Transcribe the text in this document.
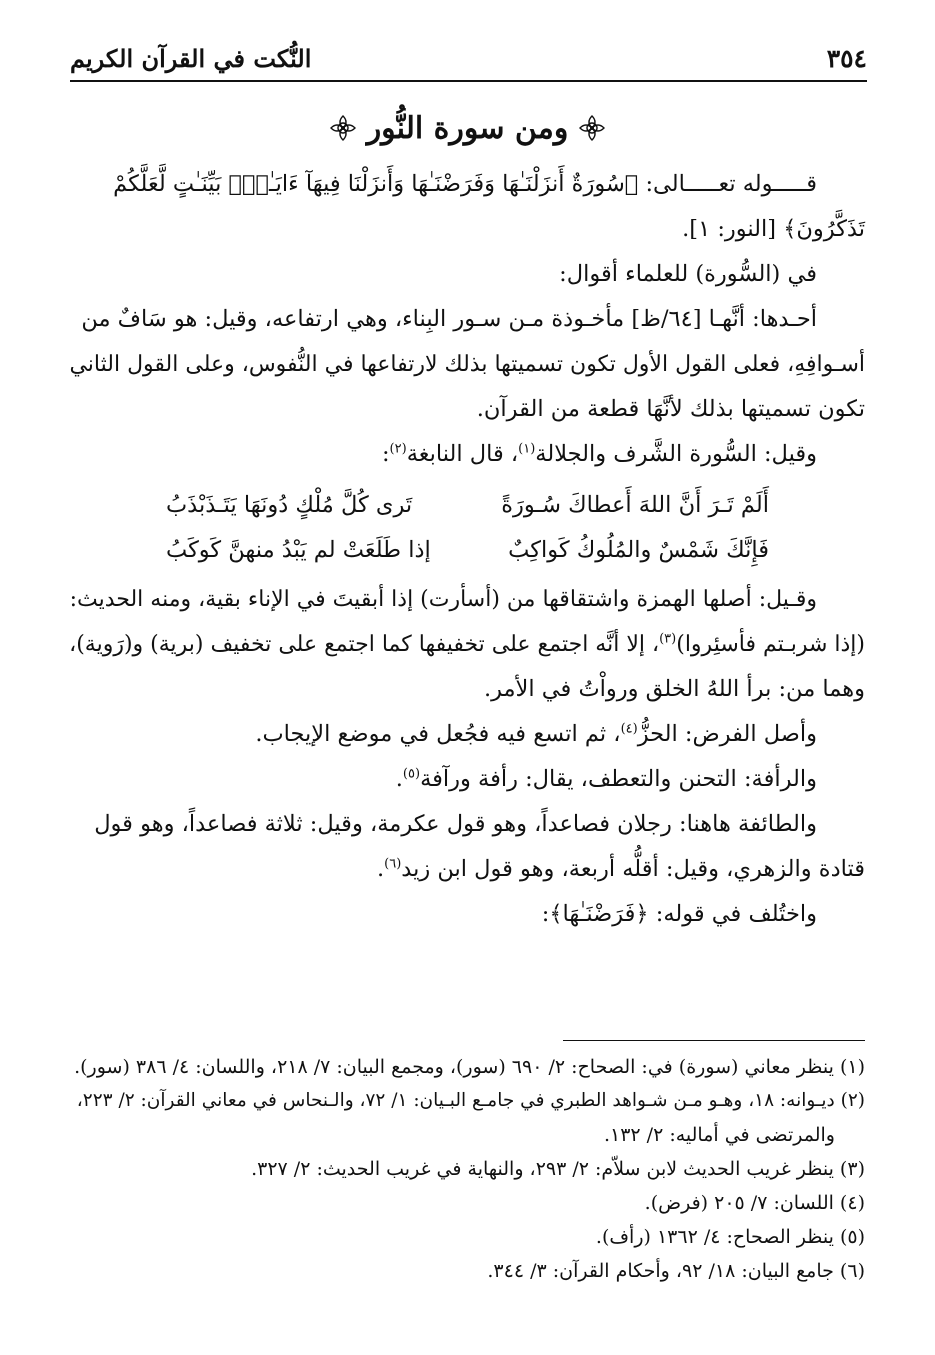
٣٥٤
النُّكت في القرآن الكريم
ومن سورة النُّور

قـــــوله تعـــــالى: ﴿سُورَةٌ أَنزَلْنَـٰهَا وَفَرَضْنَـٰهَا وَأَنزَلْنَا فِيهَآ ءَايَـٰتٍۭ بَيِّنَـٰتٍ لَّعَلَّكُمْ
تَذَكَّرُونَ﴾ [النور: ١].

في (السُّورة) للعلماء أقوال:

أحـدها: أنَّهـا [٦٤/ظ] مأخـوذة مـن سـور البِناء، وهي ارتفاعه، وقيل: هو سَافٌ من
أسـوافِهِ، فعلى القول الأول تكون تسميتها بذلك لارتفاعها في النُّفوس، وعلى القول الثاني
تكون تسميتها بذلك لأنَّهَا قطعة من القرآن.

وقيل: السُّورة الشَّرف والجلالة$^{(١)}$، قال النابغة$^{(٢)}$:

أَلَمْ تَـرَ أَنَّ اللهَ أَعطاكَ سُـورَةً
تَرى كُلَّ مُلْكٍ دُونَهَا يَتَـذَبْذَبُ
فَإِنَّكَ شَمْسٌ والمُلُوكُ كَواكِبٌ
إذا طَلَعَتْ لم يَبْدُ منهنَّ كَوكَبُ

وقـيل: أصلها الهمزة واشتقاقها من (أسأرت) إذا أبقيتَ في الإناء بقية، ومنه الحديث:
(إذا شربـتم فأسئِروا)$^{(٣)}$، إلا أنَّه اجتمع على تخفيفها كما اجتمع على تخفيف (برية) و(رَوية)،
وهما من: برأ اللهُ الخلق ورواْتُ في الأمر.

وأصل الفرض: الحزُّ$^{(٤)}$، ثم اتسع فيه فجُعل في موضع الإيجاب.

والرأفة: التحنن والتعطف، يقال: رأفة ورآفة$^{(٥)}$.

والطائفة هاهنا: رجلان فصاعداً، وهو قول عكرمة، وقيل: ثلاثة فصاعداً، وهو قول
قتادة والزهري، وقيل: أقلُّه أربعة، وهو قول ابن زيد$^{(٦)}$.

واختُلف في قوله: ﴿فَرَضْنَـٰهَا﴾:

(١) ينظر معاني (سورة) في: الصحاح: ٢/ ٦٩٠ (سور)، ومجمع البيان: ٧/ ٢١٨، واللسان: ٤/ ٣٨٦ (سور).

(٢) ديـوانه: ١٨، وهـو مـن شـواهد الطبري في جامـع البـيان: ١/ ٧٢، والـنحاس في معاني القرآن: ٢/ ٢٢٣،

والمرتضى في أماليه: ٢/ ١٣٢.

(٣) ينظر غريب الحديث لابن سلاّم: ٢/ ٢٩٣، والنهاية في غريب الحديث: ٢/ ٣٢٧.

(٤) اللسان: ٧/ ٢٠٥ (فرض).

(٥) ينظر الصحاح: ٤/ ١٣٦٢ (رأف).

(٦) جامع البيان: ١٨/ ٩٢، وأحكام القرآن: ٣/ ٣٤٤.
